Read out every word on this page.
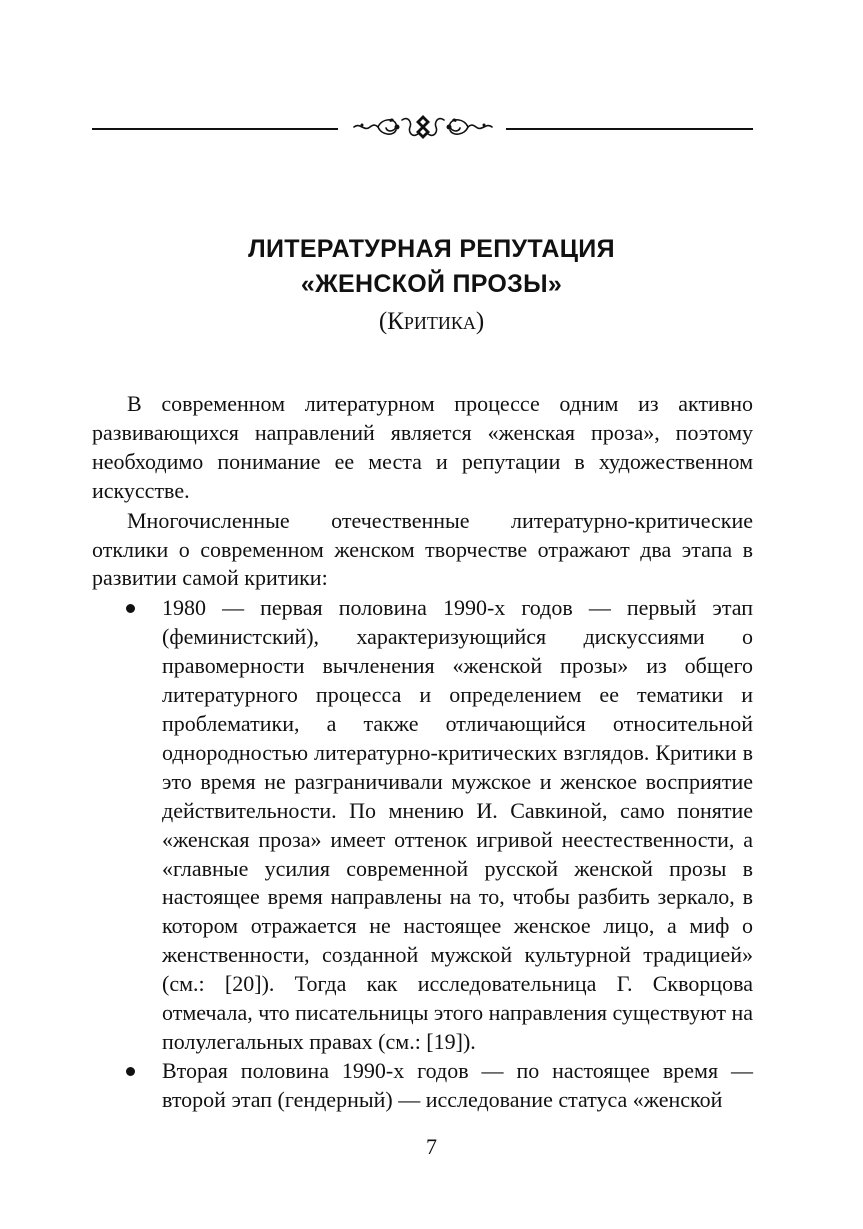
ЛИТЕРАТУРНАЯ РЕПУТАЦИЯ
«ЖЕНСКОЙ ПРОЗЫ»
(Критика)

В современном литературном процессе одним из активно развивающихся направлений является «женская проза», поэтому необходимо понимание ее места и репутации в художественном искусстве.

Многочисленные отечественные литературно-критические отклики о современном женском творчестве отражают два этапа в развитии самой критики:

1980 — первая половина 1990-х годов — первый этап (феминистский), характеризующийся дискуссиями о правомерности вычленения «женской прозы» из общего литературного процесса и определением ее тематики и проблематики, а также отличающийся относительной однородностью литературно-критических взглядов. Критики в это время не разграничивали мужское и женское восприятие действительности. По мнению И. Савкиной, само понятие «женская проза» имеет оттенок игривой неестественности, а «главные усилия современной русской женской прозы в настоящее время направлены на то, чтобы разбить зеркало, в котором отражается не настоящее женское лицо, а миф о женственности, созданной мужской культурной традицией» (см.: [20]). Тогда как исследовательница Г. Скворцова отмечала, что писательницы этого направления существуют на полулегальных правах (см.: [19]).
Вторая половина 1990-х годов — по настоящее время — второй этап (гендерный) — исследование статуса «женской
7
